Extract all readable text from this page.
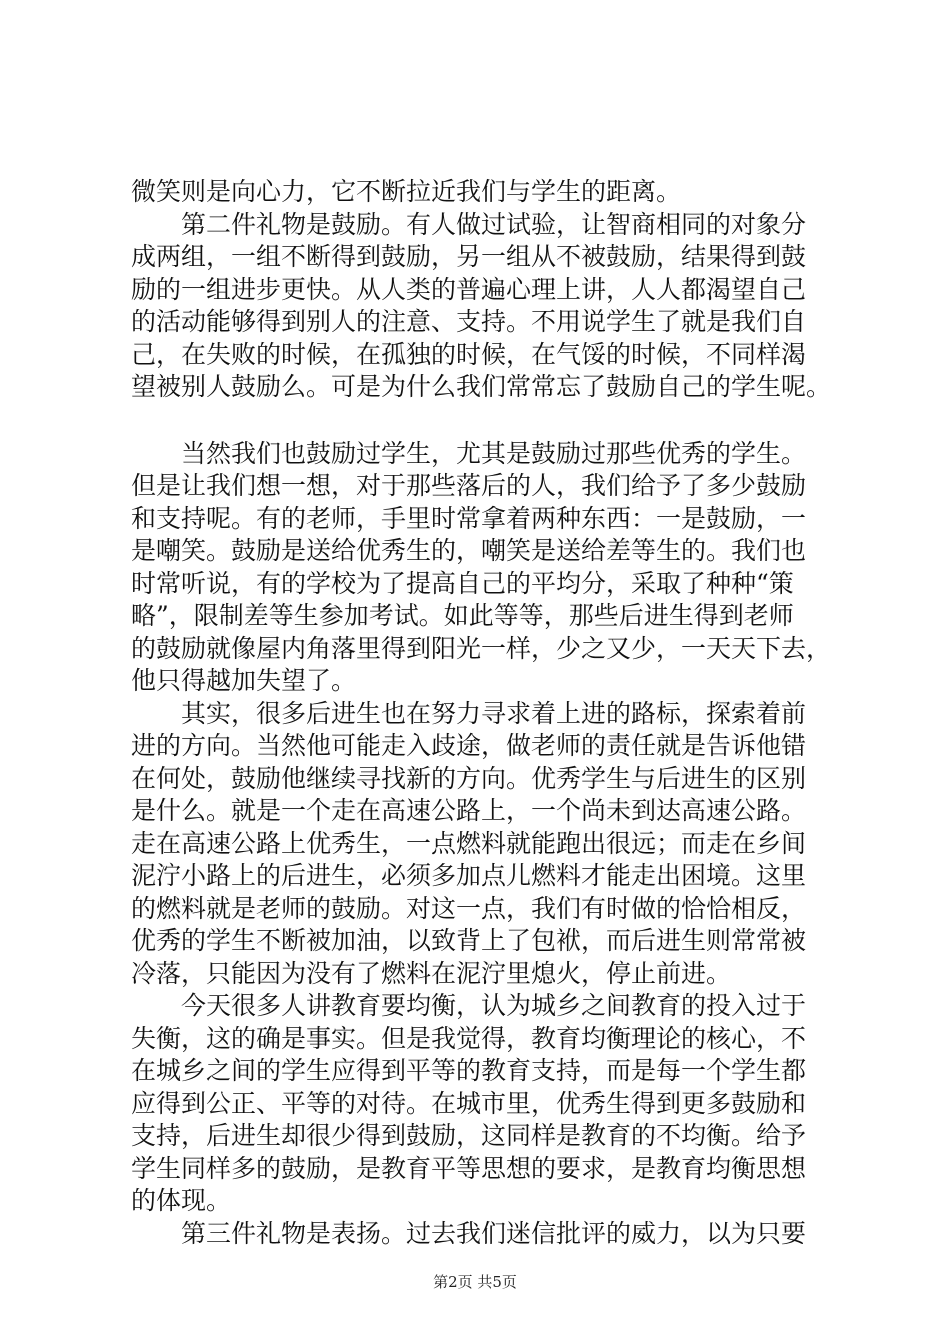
微笑则是向心力，它不断拉近我们与学生的距离。
　　第二件礼物是鼓励。有人做过试验，让智商相同的对象分
成两组，一组不断得到鼓励，另一组从不被鼓励，结果得到鼓
励的一组进步更快。从人类的普遍心理上讲，人人都渴望自己
的活动能够得到别人的注意、支持。不用说学生了就是我们自
己，在失败的时候，在孤独的时候，在气馁的时候，不同样渴
望被别人鼓励么。可是为什么我们常常忘了鼓励自己的学生呢。
　　当然我们也鼓励过学生，尤其是鼓励过那些优秀的学生。
但是让我们想一想，对于那些落后的人，我们给予了多少鼓励
和支持呢。有的老师，手里时常拿着两种东西：一是鼓励，一
是嘲笑。鼓励是送给优秀生的，嘲笑是送给差等生的。我们也
时常听说，有的学校为了提高自己的平均分，采取了种种“策
略”，限制差等生参加考试。如此等等，那些后进生得到老师
的鼓励就像屋内角落里得到阳光一样，少之又少，一天天下去，
他只得越加失望了。
　　其实，很多后进生也在努力寻求着上进的路标，探索着前
进的方向。当然他可能走入歧途，做老师的责任就是告诉他错
在何处，鼓励他继续寻找新的方向。优秀学生与后进生的区别
是什么。就是一个走在高速公路上，一个尚未到达高速公路。
走在高速公路上优秀生，一点燃料就能跑出很远；而走在乡间
泥泞小路上的后进生，必须多加点儿燃料才能走出困境。这里
的燃料就是老师的鼓励。对这一点，我们有时做的恰恰相反，
优秀的学生不断被加油，以致背上了包袱，而后进生则常常被
冷落，只能因为没有了燃料在泥泞里熄火，停止前进。
　　今天很多人讲教育要均衡，认为城乡之间教育的投入过于
失衡，这的确是事实。但是我觉得，教育均衡理论的核心，不
在城乡之间的学生应得到平等的教育支持，而是每一个学生都
应得到公正、平等的对待。在城市里，优秀生得到更多鼓励和
支持，后进生却很少得到鼓励，这同样是教育的不均衡。给予
学生同样多的鼓励，是教育平等思想的要求，是教育均衡思想
的体现。
　　第三件礼物是表扬。过去我们迷信批评的威力，以为只要
第2页 共5页
